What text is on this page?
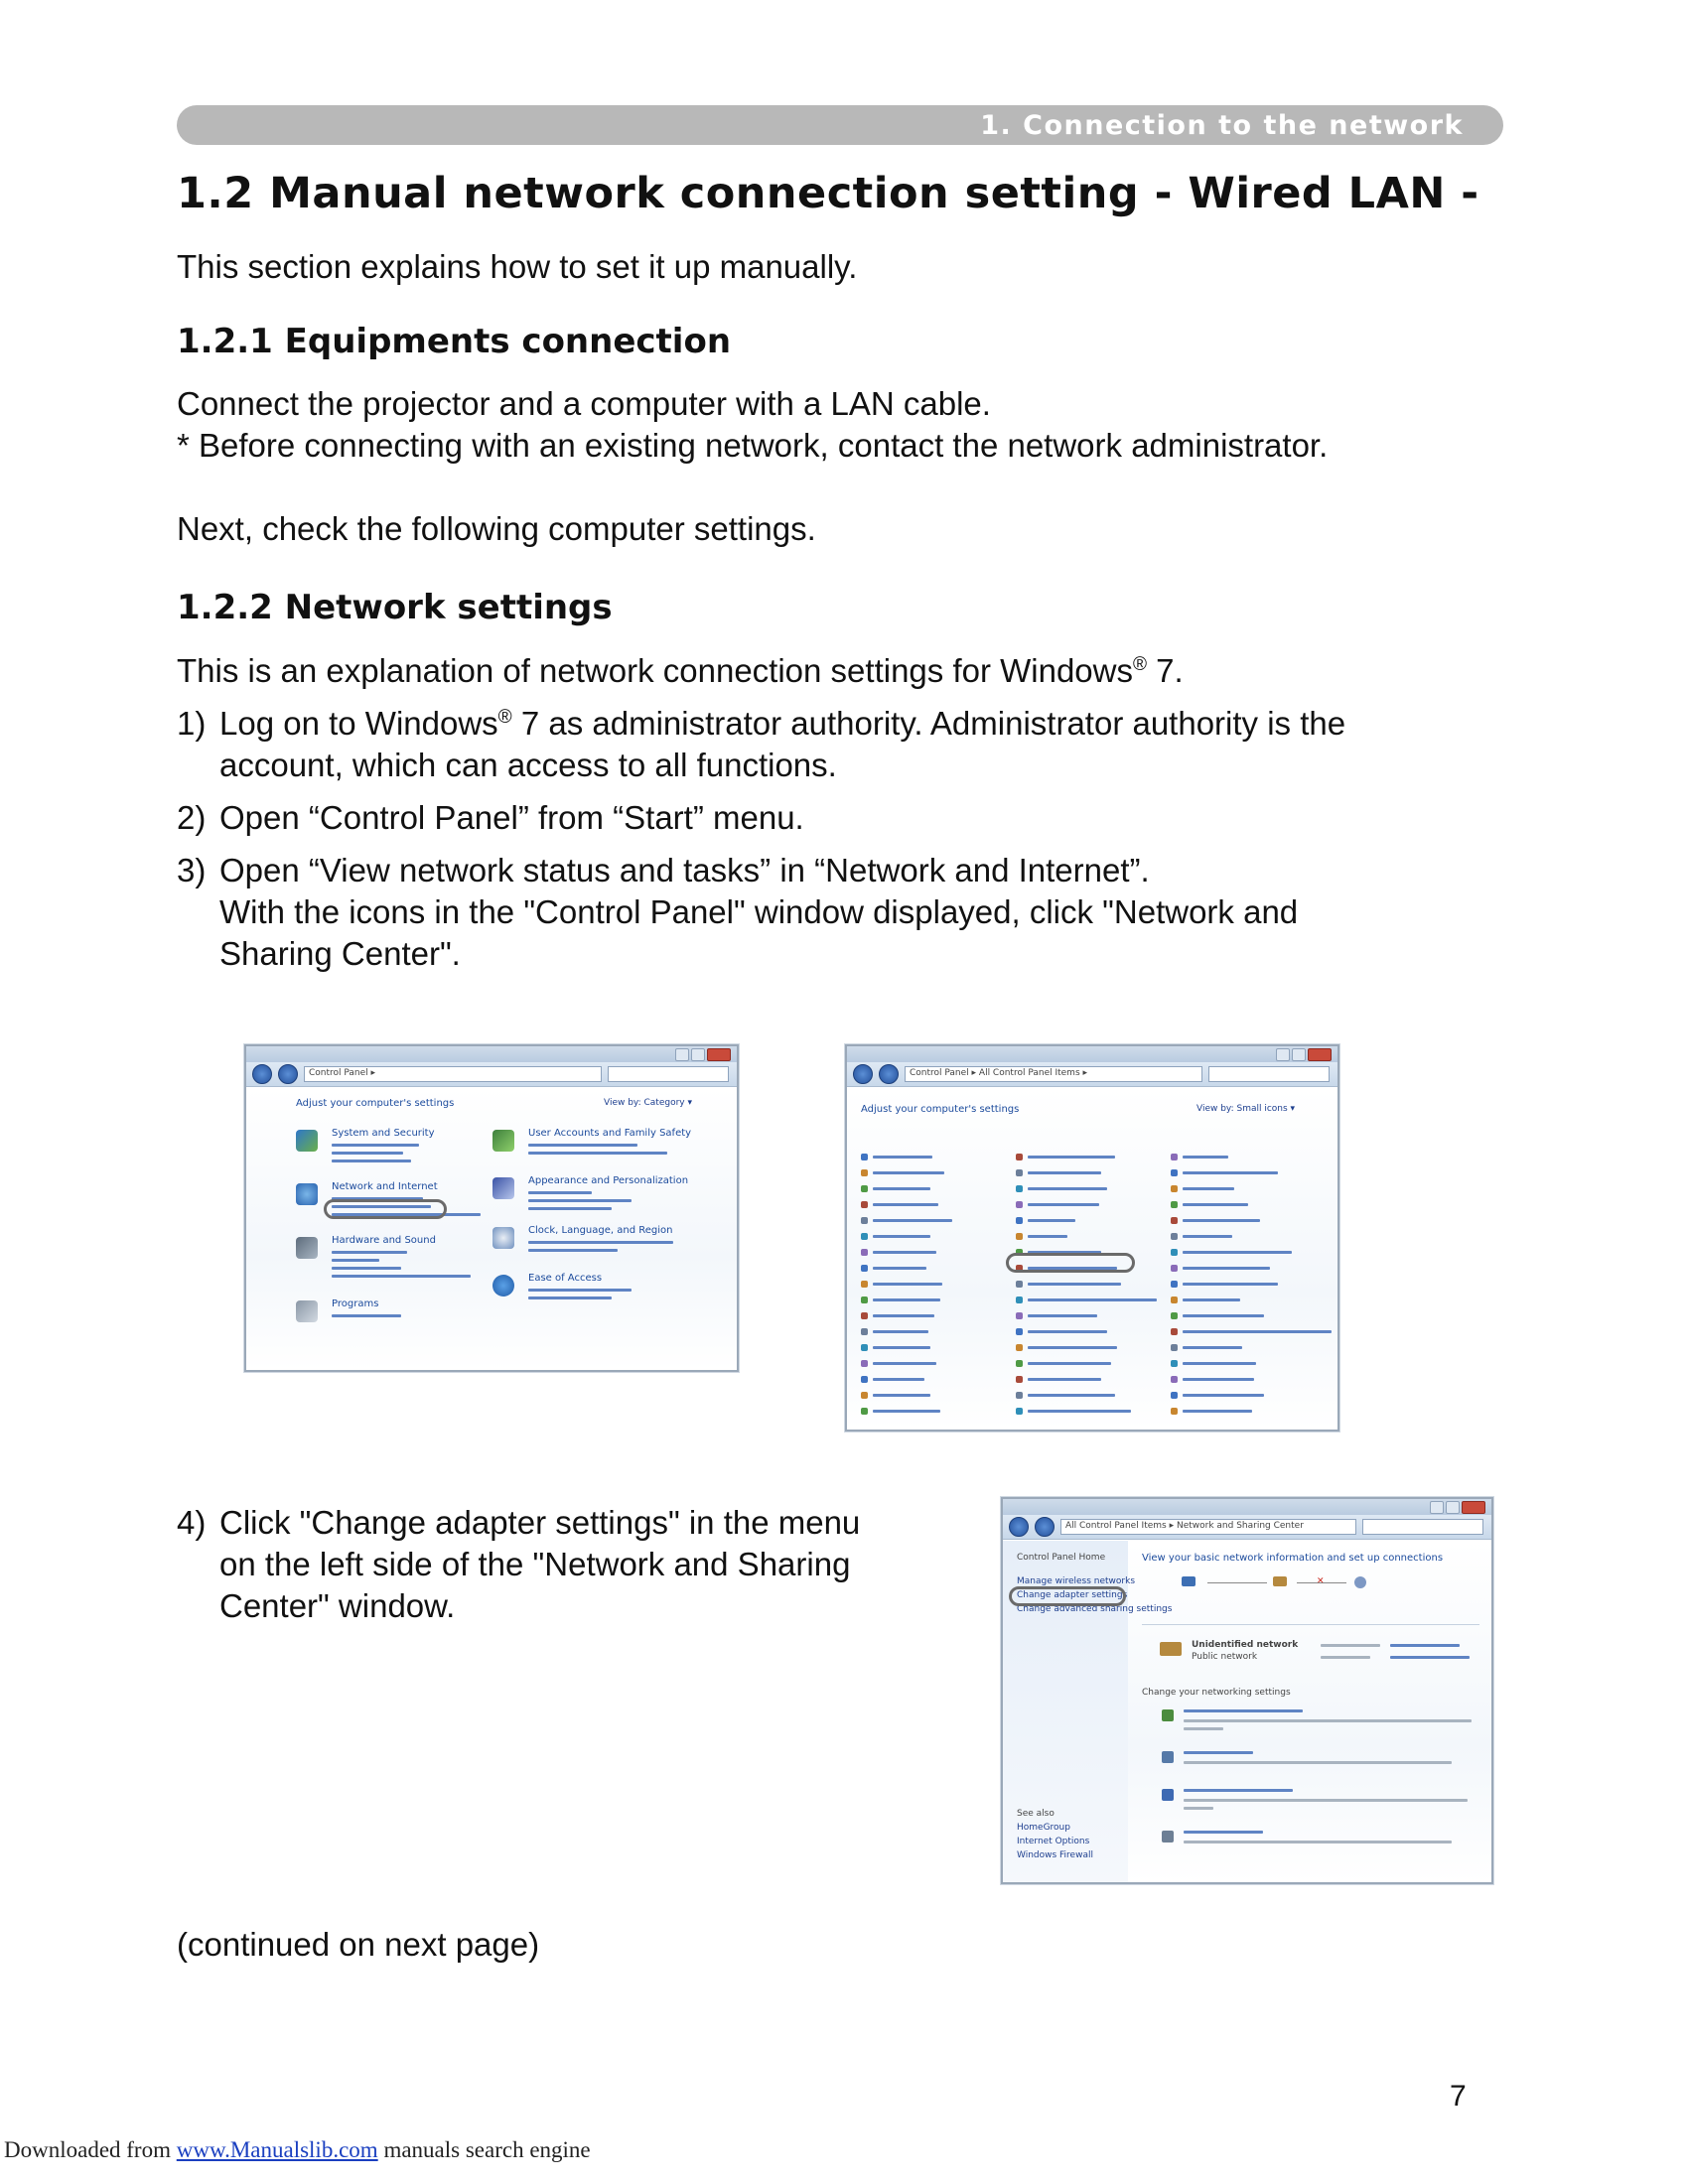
1. Connection to the network
1.2 Manual network connection setting - Wired LAN -
This section explains how to set it up manually.
1.2.1 Equipments connection
Connect the projector and a computer with a LAN cable.
* Before connecting with an existing network, contact the network administrator.
Next, check the following computer settings.
1.2.2 Network settings
This is an explanation of network connection settings for Windows® 7.
1) Log on to Windows® 7 as administrator authority. Administrator authority is the
account, which can access to all functions.
2) Open “Control Panel” from “Start” menu.
3) Open “View network status and tasks” in “Network and Internet”.
With the icons in the "Control Panel" window displayed, click "Network and
Sharing Center".
Control Panel ▸
Adjust your computer's settings	View by: Category ▾
System and Security
Network and Internet
Hardware and Sound
Programs
User Accounts and Family Safety
Appearance and Personalization
Clock, Language, and Region
Ease of Access
Control Panel ▸ All Control Panel Items ▸
Adjust your computer's settings	View by: Small icons ▾
4) Click "Change adapter settings" in the menu
on the left side of the "Network and Sharing
Center" window.
All Control Panel Items ▸ Network and Sharing Center
Control Panel Home
Manage wireless networks
Change adapter settings
Change advanced sharing settings
See also
HomeGroup
Internet Options
Windows Firewall
View your basic network information and set up connections
✕
Unidentified network
Public network
Change your networking settings
(continued on next page)
7
Downloaded from www.Manualslib.com manuals search engine
